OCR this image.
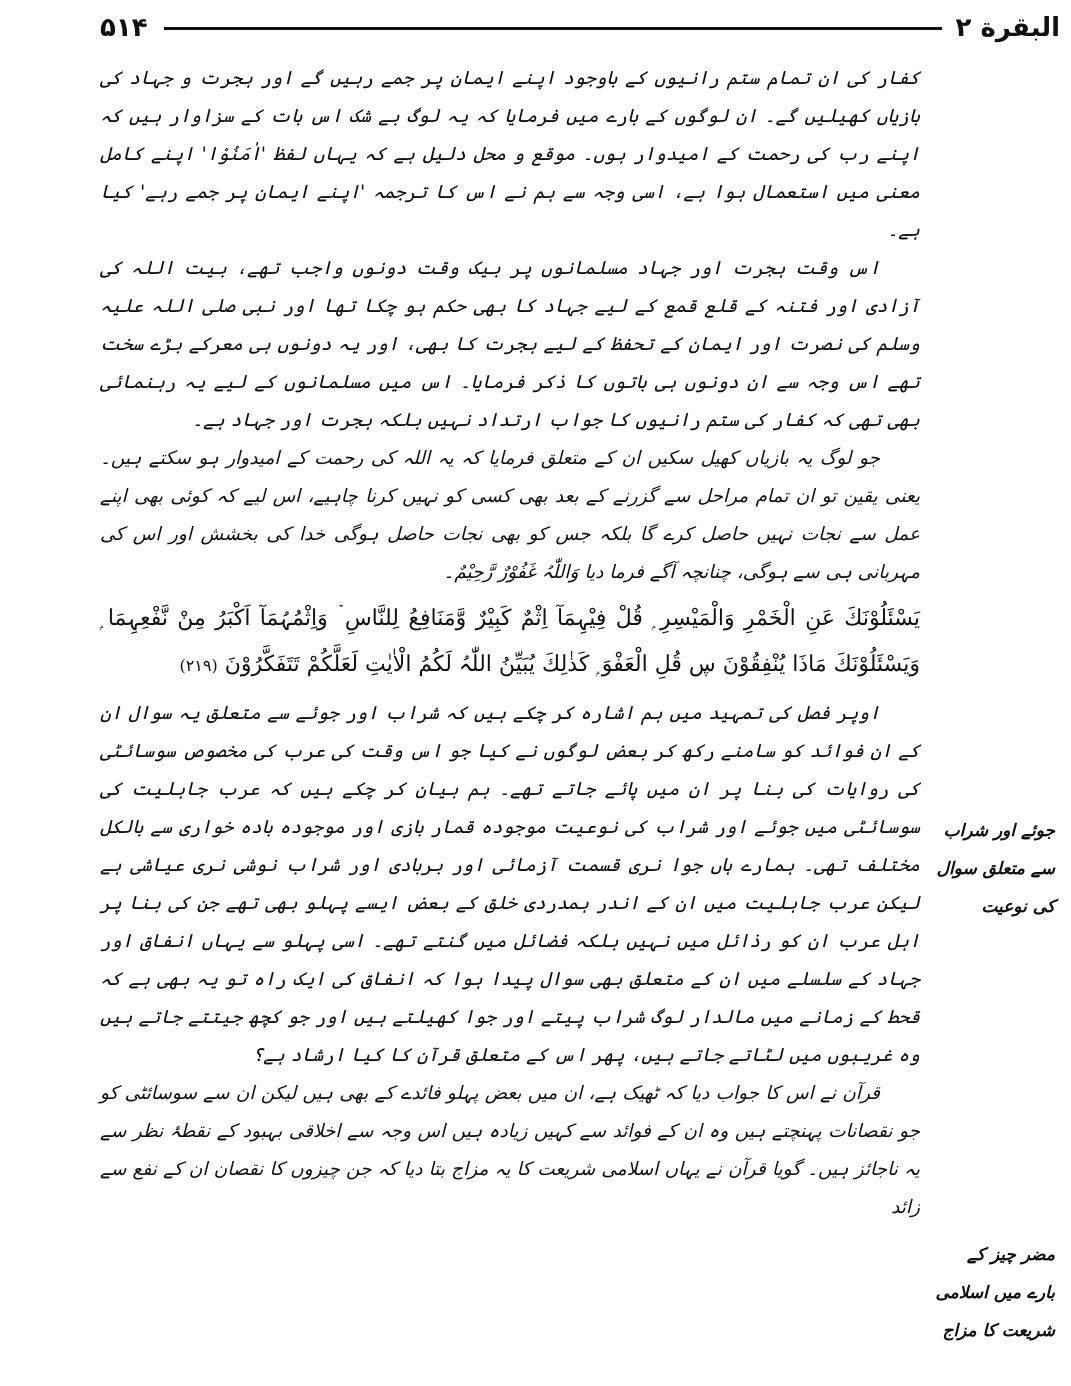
۵۱۴	البقرة ٢

کفار کی ان تمام ستم رانیوں کے باوجود اپنے ایمان پر جمے رہیں گے اور ہجرت و جہاد کی بازیاں کھیلیں گے۔ ان لوگوں کے بارے میں فرمایا کہ یہ لوگ بے شک اس بات کے سزاوار ہیں کہ اپنے رب کی رحمت کے امیدوار ہوں۔ موقع و محل دلیل ہے کہ یہاں لفظ 'اٰمَنُوْا' اپنے کامل معنی میں استعمال ہوا ہے، اسی وجہ سے ہم نے اس کا ترجمہ 'اپنے ایمان پر جمے رہے' کیا ہے۔

اس وقت ہجرت اور جہاد مسلمانوں پر بیک وقت دونوں واجب تھے، بیت اللہ کی آزادی اور فتنہ کے قلع قمع کے لیے جہاد کا بھی حکم ہو چکا تھا اور نبی صلی اللہ علیہ وسلم کی نصرت اور ایمان کے تحفظ کے لیے ہجرت کا بھی، اور یہ دونوں ہی معرکے بڑے سخت تھے اس وجہ سے ان دونوں ہی باتوں کا ذکر فرمایا۔ اس میں مسلمانوں کے لیے یہ رہنمائی بھی تھی کہ کفار کی ستم رانیوں کا جواب ارتداد نہیں بلکہ ہجرت اور جہاد ہے۔

جو لوگ یہ بازیاں کھیل سکیں ان کے متعلق فرمایا کہ یہ اللہ کی رحمت کے امیدوار ہو سکتے ہیں۔ یعنی یقین تو ان تمام مراحل سے گزرنے کے بعد بھی کسی کو نہیں کرنا چاہیے، اس لیے کہ کوئی بھی اپنے عمل سے نجات نہیں حاصل کرے گا بلکہ جس کو بھی نجات حاصل ہوگی خدا کی بخشش اور اس کی مہربانی ہی سے ہوگی، چنانچہ آگے فرما دیا وَاللّٰہُ غَفُوْرٌ رَّحِیْمٌ۔

یَسْئَلُوْنَكَ عَنِ الْخَمْرِ وَالْمَیْسِرِ ۭ قُلْ فِیْہِمَآ اِثْمٌ كَبِیْرٌ وَّمَنَافِعُ لِلنَّاسِ ۡ وَاِثْمُہُمَآ اَكْبَرُ مِنْ نَّفْعِہِمَا ۭ وَیَسْئَلُوْنَكَ مَاذَا یُنْفِقُوْنَ ڛ قُلِ الْعَفْوَ ۭ كَذٰلِكَ یُبَیِّنُ اللّٰہُ لَكُمُ الْاٰیٰتِ لَعَلَّكُمْ تَتَفَكَّرُوْنَ (۲۱۹)

اوپر فصل کی تمہید میں ہم اشارہ کر چکے ہیں کہ شراب اور جوئے سے متعلق یہ سوال ان کے ان فوائد کو سامنے رکھ کر بعض لوگوں نے کیا جو اس وقت کی عرب کی مخصوص سوسائٹی کی روایات کی بنا پر ان میں پائے جاتے تھے۔ ہم بیان کر چکے ہیں کہ عرب جاہلیت کی سوسائٹی میں جوئے اور شراب کی نوعیت موجودہ قمار بازی اور موجودہ بادہ خواری سے بالکل مختلف تھی۔ ہمارے ہاں جوا نری قسمت آزمائی اور بربادی اور شراب نوشی نری عیاشی ہے لیکن عرب جاہلیت میں ان کے اندر ہمدردی خلق کے بعض ایسے پہلو بھی تھے جن کی بنا پر اہل عرب ان کو رذائل میں نہیں بلکہ فضائل میں گنتے تھے۔ اسی پہلو سے یہاں انفاق اور جہاد کے سلسلے میں ان کے متعلق بھی سوال پیدا ہوا کہ انفاق کی ایک راہ تو یہ بھی ہے کہ قحط کے زمانے میں مالدار لوگ شراب پیتے اور جوا کھیلتے ہیں اور جو کچھ جیتتے جاتے ہیں وہ غریبوں میں لٹاتے جاتے ہیں، پھر اس کے متعلق قرآن کا کیا ارشاد ہے؟

قرآن نے اس کا جواب دیا کہ ٹھیک ہے، ان میں بعض پہلو فائدے کے بھی ہیں لیکن ان سے سوسائٹی کو جو نقصانات پہنچتے ہیں وہ ان کے فوائد سے کہیں زیادہ ہیں اس وجہ سے اخلاقی بہبود کے نقطۂ نظر سے یہ ناجائز ہیں۔ گویا قرآن نے یہاں اسلامی شریعت کا یہ مزاج بتا دیا کہ جن چیزوں کا نقصان ان کے نفع سے زائد

جوئے اور شراب سے متعلق سوال کی نوعیت
مضر چیز کے بارے میں اسلامی شریعت کا مزاج
